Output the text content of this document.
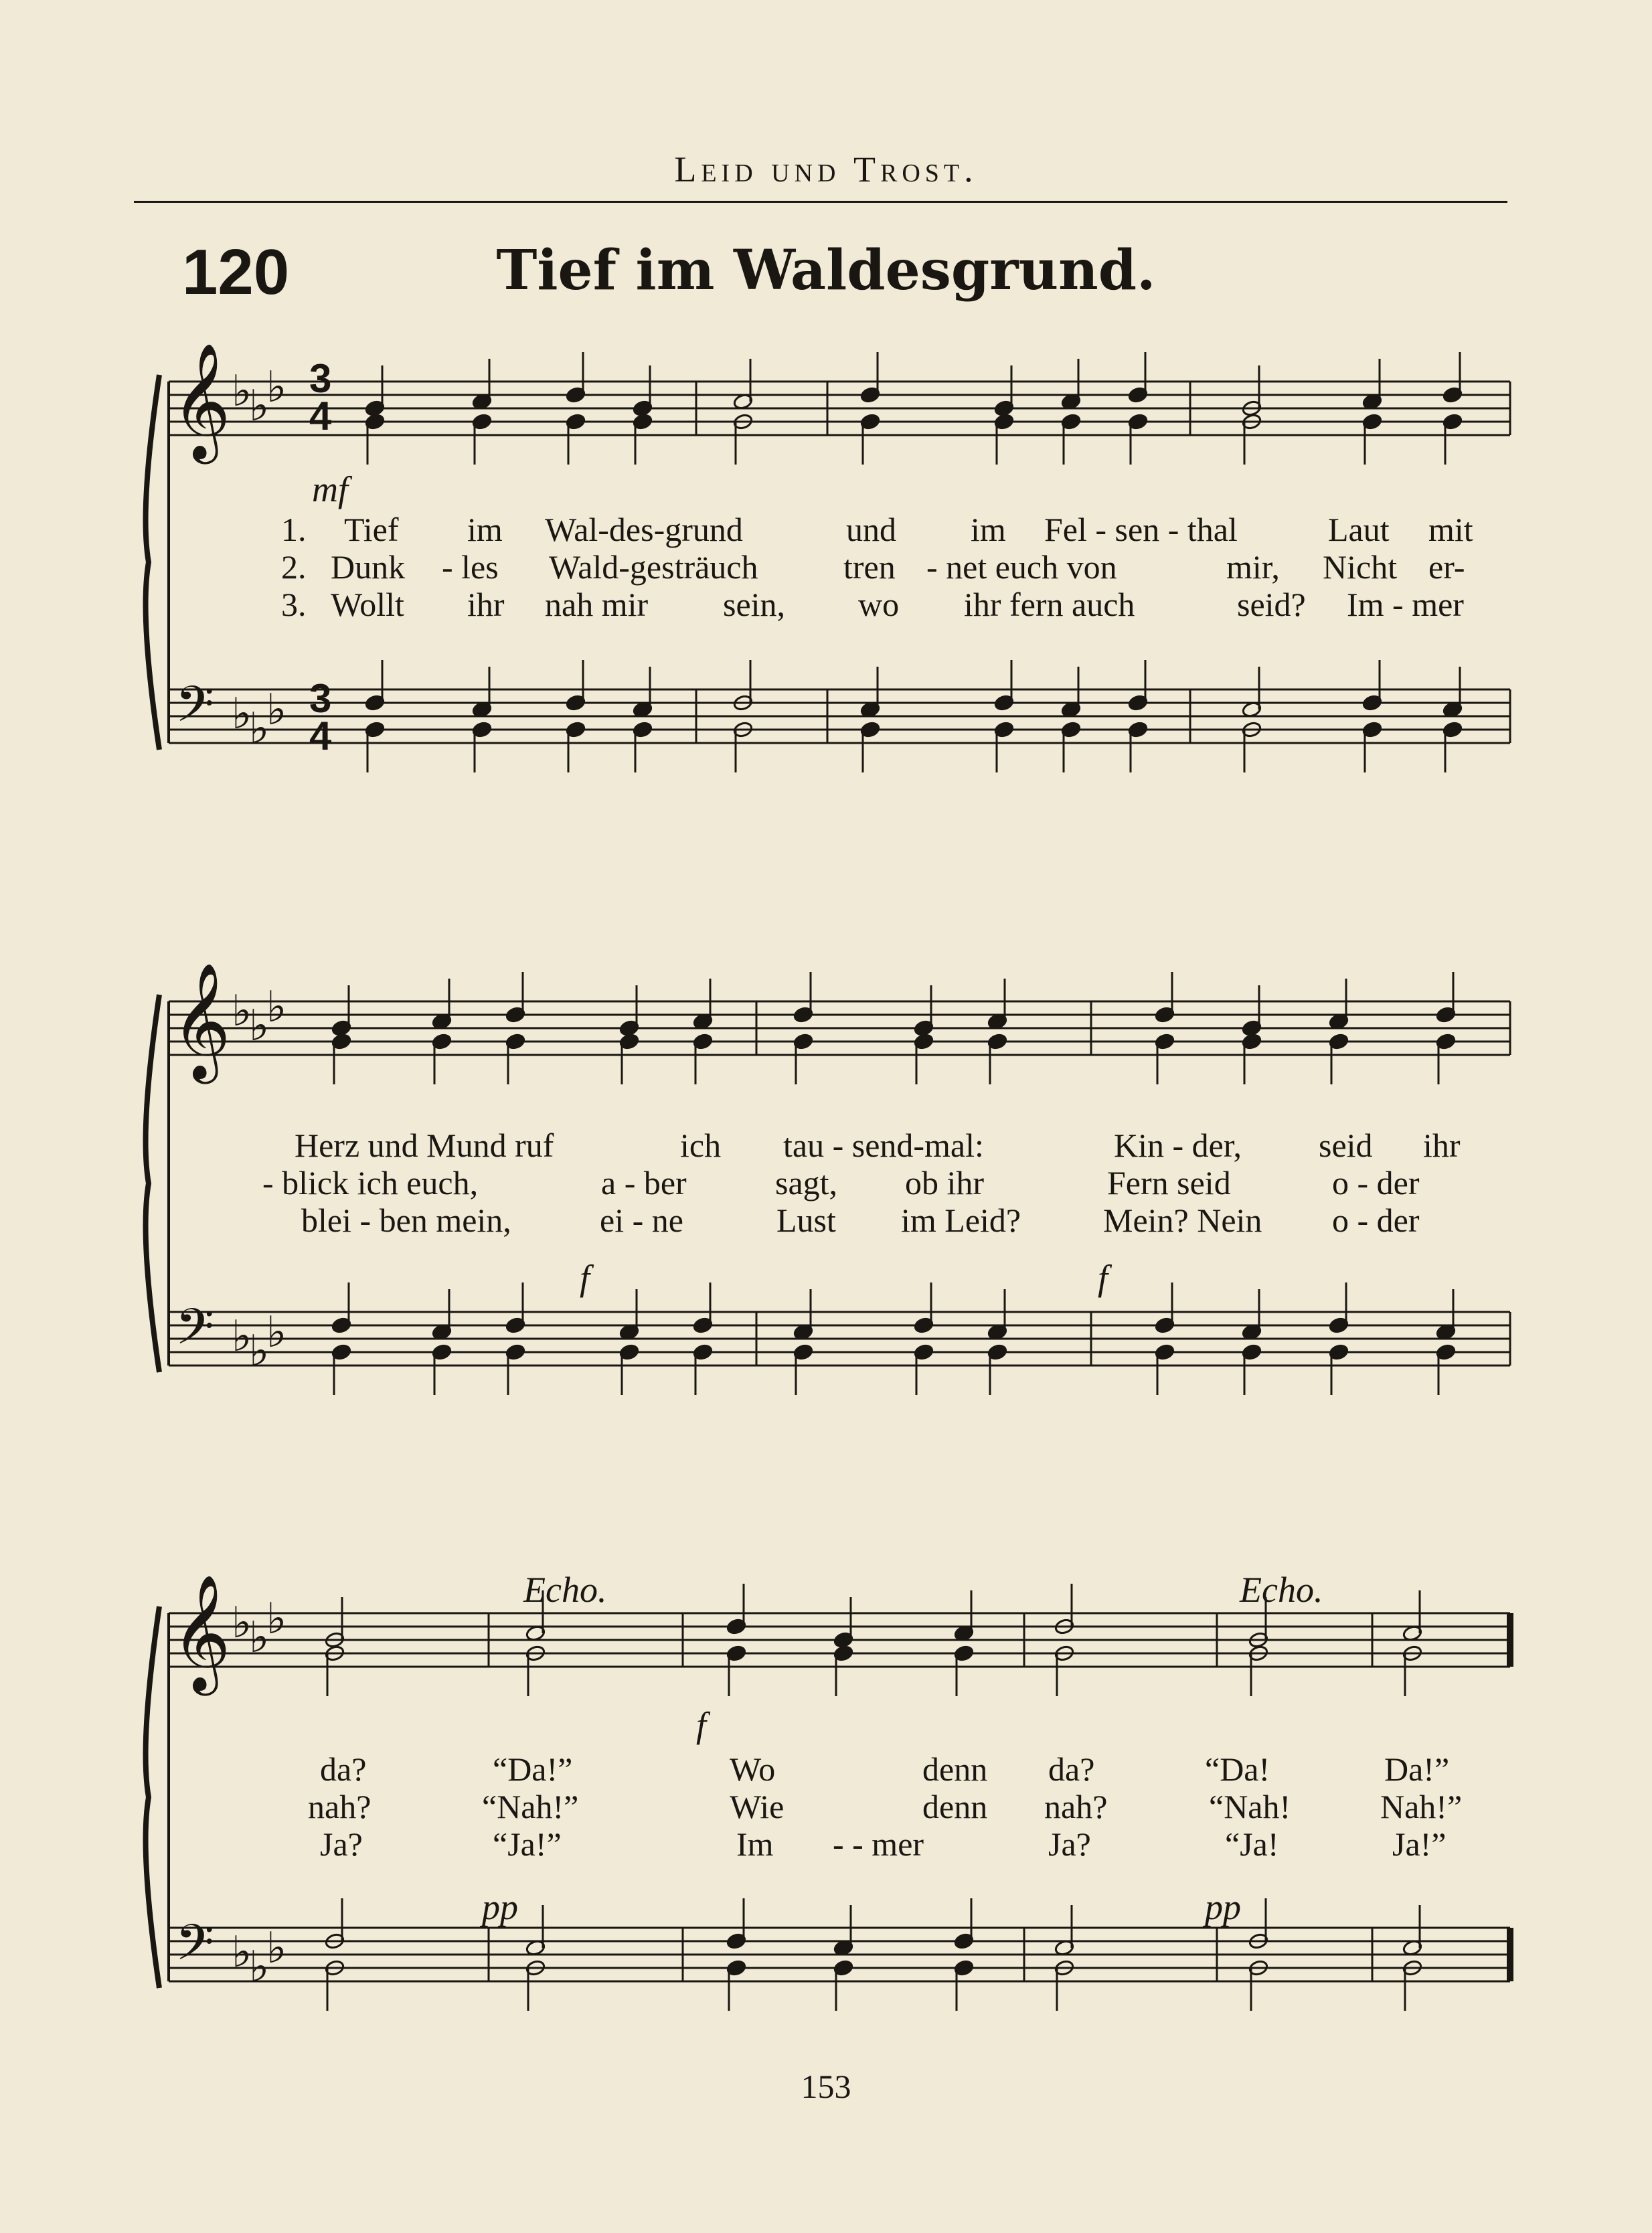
Leid und Trost.
120	Tief im Waldesgrund.
𝄞
𝄢
♭
♭
♭
♭
♭
♭
𝄞
𝄢
♭
♭
♭
♭
♭
♭
𝄞
𝄢
♭
♭
♭
♭
♭
♭
3
4
3
4
mf
f	f
f
pp	pp
Echo.	Echo.
1. Tief im Wal-des-grund	und im Fel - sen - thal	Laut mit
2. Dunk - les Wald-gesträuch	tren - net euch von	mir, Nicht er-
3. Wollt ihr nah mir sein, wo ihr fern auch	seid? Im - mer
Herz und Mund ruf	ich tau - send-mal:	Kin - der, seid ihr
- blick ich euch,	a - ber	sagt, ob ihr	Fern seid	o - der
blei - ben mein,	ei - ne	Lust im Leid? Mein? Nein o - der
da?	“Da!”	Wo	denn da?	“Da!	Da!”
nah?	“Nah!”	Wie	denn nah?	“Nah!	Nah!”
Ja?	“Ja!”	Im - - mer	Ja?	“Ja!	Ja!”
153
